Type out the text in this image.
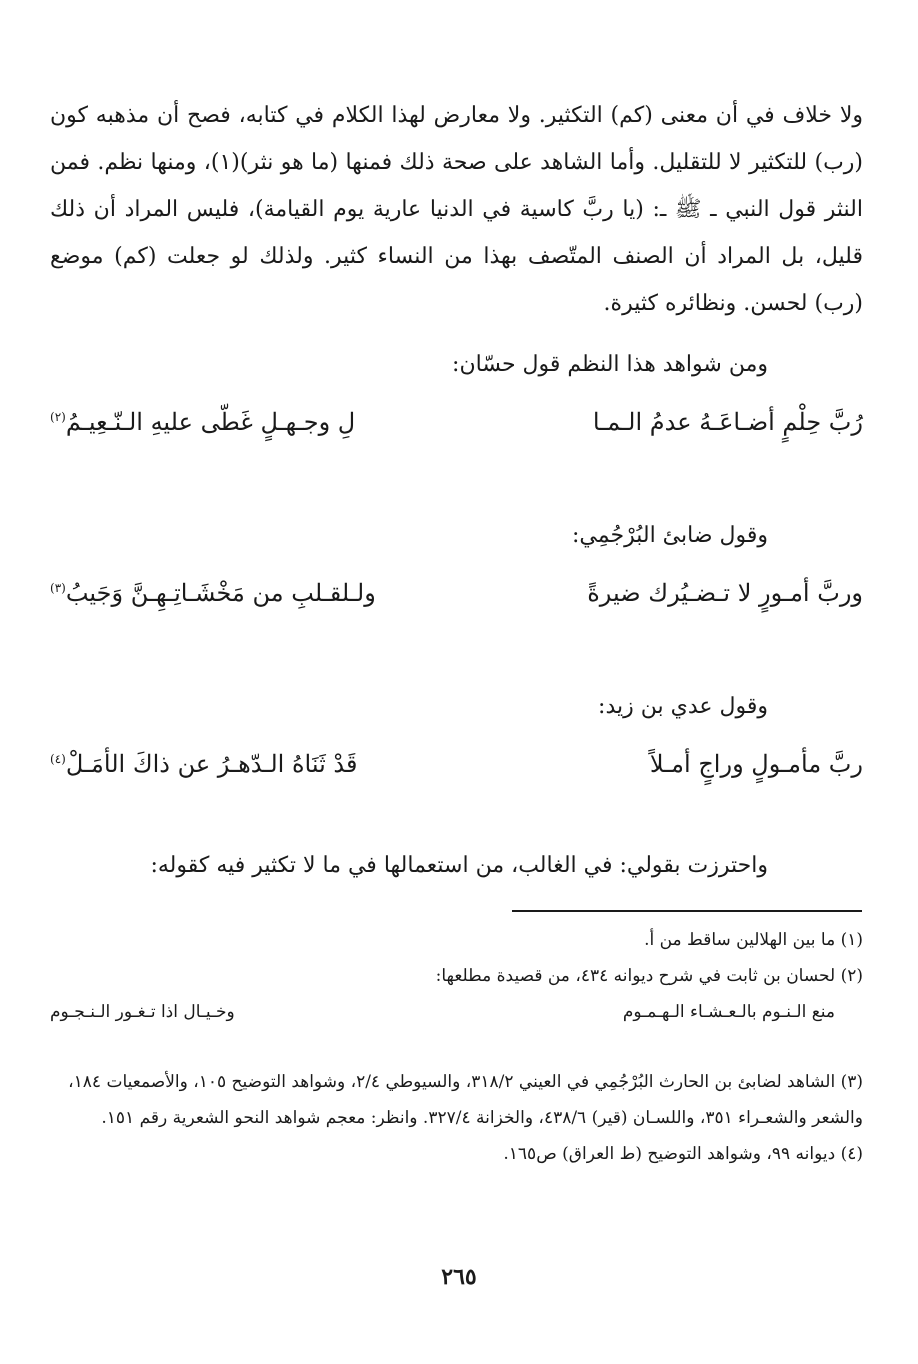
ولا خلاف في أن معنى (كم) التكثير. ولا معارض لهذا الكلام في كتابه، فصح أن مذهبه كون (رب) للتكثير لا للتقليل. وأما الشاهد على صحة ذلك فمنها (ما هو نثر)(١)، ومنها نظم. فمن النثر قول النبي ـ ﷺ ـ: (يا ربَّ كاسية في الدنيا عارية يوم القيامة)، فليس المراد أن ذلك قليل، بل المراد أن الصنف المتّصف بهذا من النساء كثير. ولذلك لو جعلت (كم) موضع (رب) لحسن. ونظائره كثيرة.

ومن شواهد هذا النظم قول حسّان:

رُبَّ حِلْمٍ أضـاعَـهُ عدمُ الـمـا
لِ وجـهـلٍ غَطّى عليهِ الـنّـعِيـمُ$^{(٢)}$

وقول ضابئ البُرْجُمِي:

وربَّ أمـورٍ لا تـضـيُرك ضيرةً
ولـلقـلبِ من مَخْشَـاتِـهِـنَّ وَجَيبُ$^{(٣)}$

وقول عدي بن زيد:

ربَّ مأمـولٍ وراجٍ أمـلاً
قَدْ ثَنَاهُ الـدّهـرُ عن ذاكَ الأمَـلْ$^{(٤)}$

واحترزت بقولي: في الغالب، من استعمالها في ما لا تكثير فيه كقوله:

(١) ما بين الهلالين ساقط من أ.

(٢) لحسان بن ثابت في شرح ديوانه ٤٣٤، من قصيدة مطلعها:

منع الـنـوم بالـعـشـاء الـهـمـوم
وخـيـال اذا تـغـور الـنـجـوم

(٣) الشاهد لضابئ بن الحارث البُرْجُمِي في العيني ٣١٨/٢، والسيوطي ٢/٤، وشواهد التوضيح ١٠٥، والأصمعيات ١٨٤، والشعر والشعـراء ٣٥١، واللسـان (قير) ٤٣٨/٦، والخزانة ٣٢٧/٤. وانظر: معجم شواهد النحو الشعرية رقم ١٥١.

(٤) ديوانه ٩٩، وشواهد التوضيح (ط العراق) ص١٦٥.

٢٦٥
